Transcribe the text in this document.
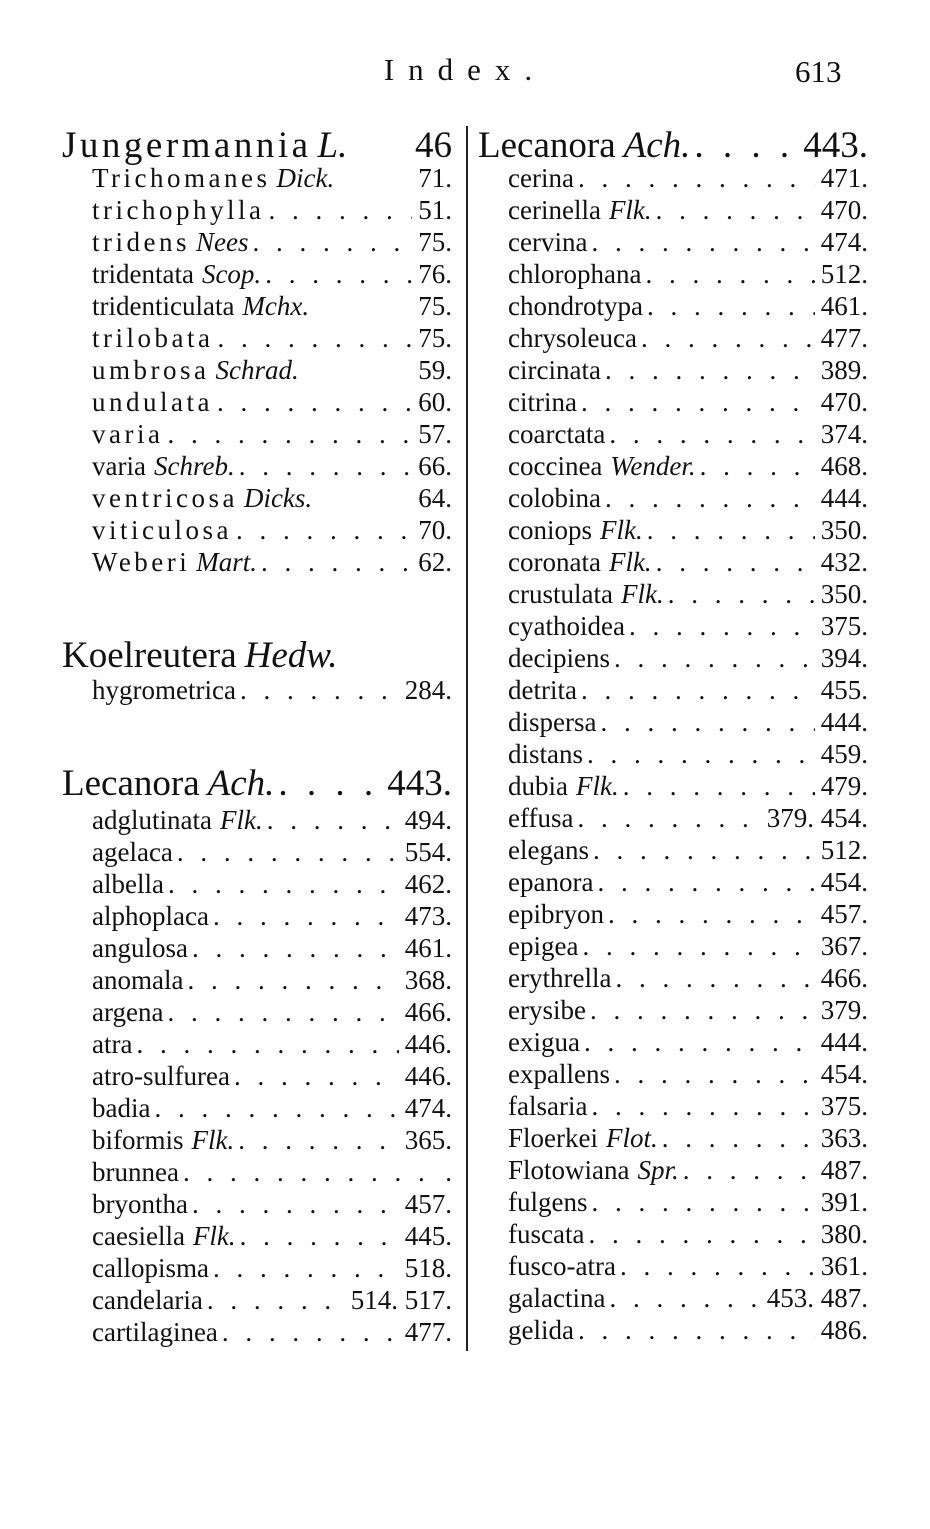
Index.	613
Jungermannia L. 46
Trichomanes Dick.	71.
trichophylla . . .	51.
tridens Nees . . .	75.
tridentata Scop. . . .	76.
tridenticulata Mchx.	75.
trilobata . . .	75.
umbrosa Schrad.	59.
undulata . . .	60.
varia . . .	57.
varia Schreb. . . .	66.
ventricosa Dicks.	64.
viticulosa . . .	70.
Weberi Mart. . . .	62.
Koelreutera Hedw.
hygrometrica . . .	284.
Lecanora Ach. . . .	443.
adglutinata Flk. . . .	494.
agelaca . . .	554.
albella . . .	462.
alphoplaca . . .	473.
angulosa . . .	461.
anomala . . .	368.
argena . . .	466.
atra . . .	446.
atro-sulfurea . . .	446.
badia . . .	474.
biformis Flk. . . .	365.
brunnea . . .	.
bryontha . . .	457.
caesiella Flk. . . .	445.
callopisma . . .	518.
candelaria . . .	514. 517.
cartilaginea . . .	477.
Lecanora Ach. . . .	443.
cerina . . .	471.
cerinella Flk. . . .	470.
cervina . . .	474.
chlorophana . . .	512.
chondrotypa . . .	461.
chrysoleuca . . .	477.
circinata . . .	389.
citrina . . .	470.
coarctata . . .	374.
coccinea Wender. . . .	468.
colobina . . .	444.
coniops Flk. . . .	350.
coronata Flk. . . .	432.
crustulata Flk. . . .	350.
cyathoidea . . .	375.
decipiens . . .	394.
detrita . . .	455.
dispersa . . .	444.
distans . . .	459.
dubia Flk. . . .	479.
effusa . . .	379. 454.
elegans . . .	512.
epanora . . .	454.
epibryon . . .	457.
epigea . . .	367.
erythrella . . .	466.
erysibe . . .	379.
exigua . . .	444.
expallens . . .	454.
falsaria . . .	375.
Floerkei Flot. . . .	363.
Flotowiana Spr. . . .	487.
fulgens . . .	391.
fuscata . . .	380.
fusco-atra . . .	361.
galactina . . .	453. 487.
gelida . . .	486.
